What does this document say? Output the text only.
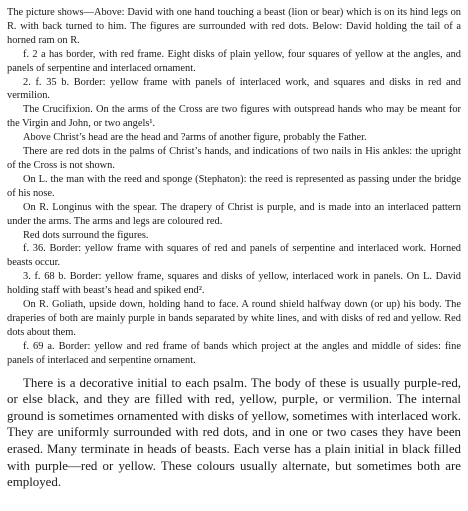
The picture shows—Above: David with one hand touching a beast (lion or bear) which is on its hind legs on R. with back turned to him. The figures are surrounded with red dots. Below: David holding the tail of a horned ram on R.

f. 2 a has border, with red frame. Eight disks of plain yellow, four squares of yellow at the angles, and panels of serpentine and interlaced ornament.

2. f. 35 b. Border: yellow frame with panels of interlaced work, and squares and disks in red and vermilion.

The Crucifixion. On the arms of the Cross are two figures with outspread hands who may be meant for the Virgin and John, or two angels¹.

Above Christ’s head are the head and ?arms of another figure, probably the Father.

There are red dots in the palms of Christ’s hands, and indications of two nails in His ankles: the upright of the Cross is not shown.

On L. the man with the reed and sponge (Stephaton): the reed is represented as passing under the bridge of his nose.

On R. Longinus with the spear. The drapery of Christ is purple, and is made into an interlaced pattern under the arms. The arms and legs are coloured red.

Red dots surround the figures.

f. 36. Border: yellow frame with squares of red and panels of serpentine and interlaced work. Horned beasts occur.

3. f. 68 b. Border: yellow frame, squares and disks of yellow, interlaced work in panels. On L. David holding staff with beast’s head and spiked end².

On R. Goliath, upside down, holding hand to face. A round shield halfway down (or up) his body. The draperies of both are mainly purple in bands separated by white lines, and with disks of red and yellow. Red dots about them.

f. 69 a. Border: yellow and red frame of bands which project at the angles and middle of sides: fine panels of interlaced and serpentine ornament.

There is a decorative initial to each psalm. The body of these is usually purple-red, or else black, and they are filled with red, yellow, purple, or vermilion. The internal ground is sometimes ornamented with disks of yellow, sometimes with interlaced work. They are uniformly surrounded with red dots, and in one or two cases they have been erased. Many terminate in heads of beasts. Each verse has a plain initial in black filled with purple—red or yellow. These colours usually alternate, but sometimes both are employed.
